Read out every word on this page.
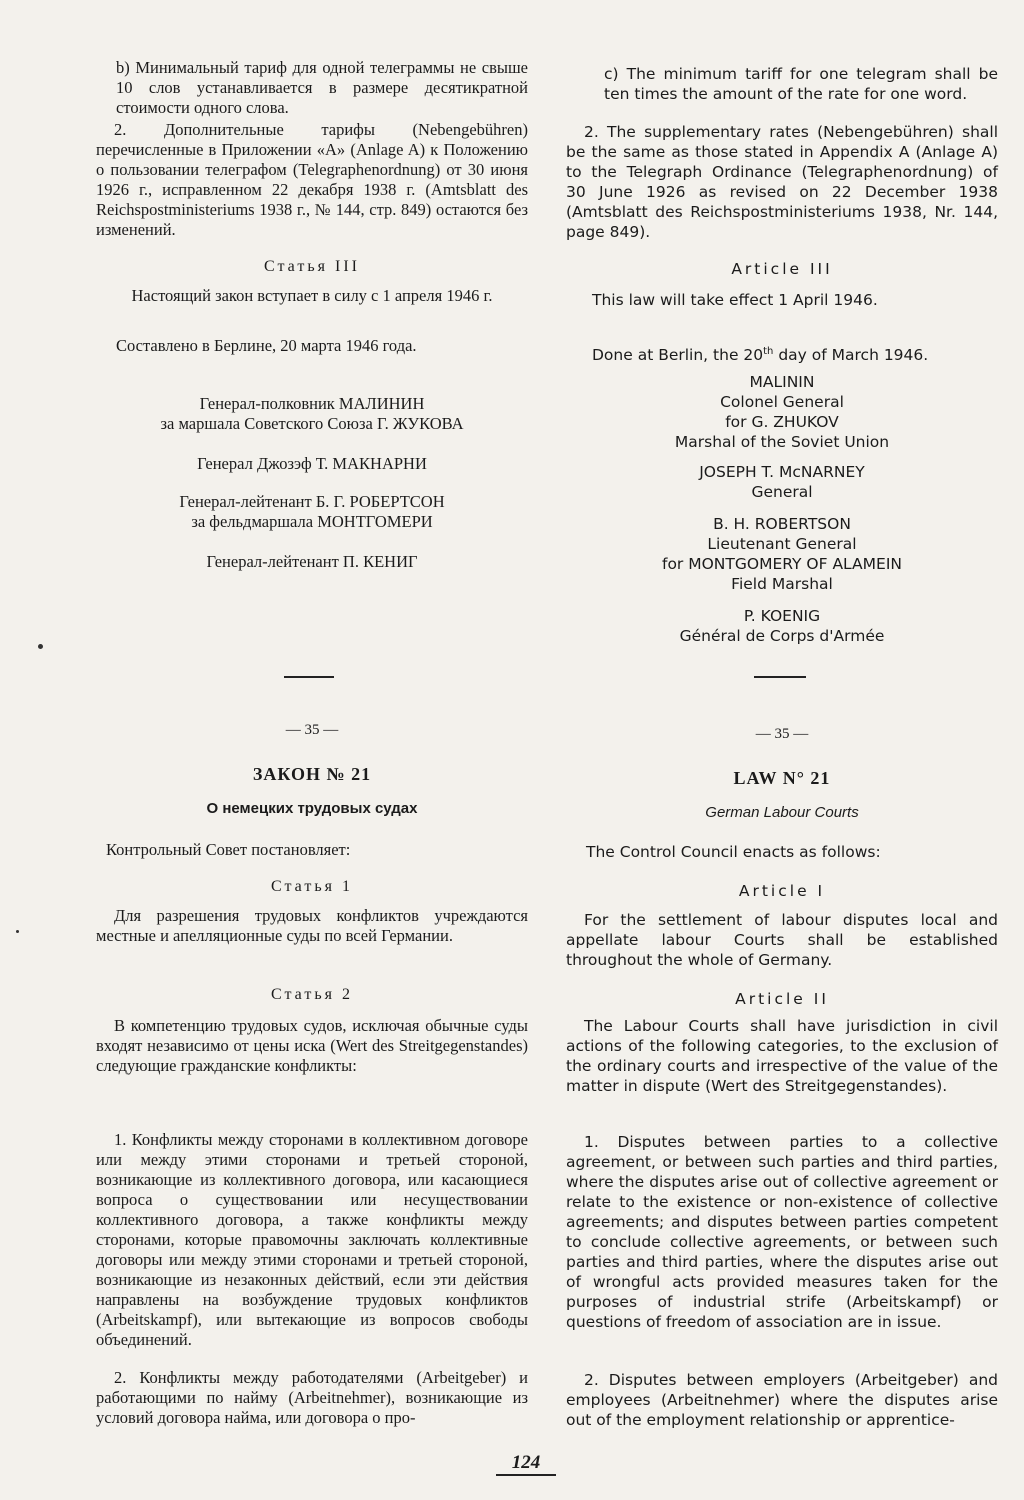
b) Минимальный тариф для одной телеграммы не свыше 10 слов устанавливается в размере десятикратной стоимости одного слова.
2. Дополнительные тарифы (Nebengebühren) перечисленные в Приложении «А» (Anlage A) к Положению о пользовании телеграфом (Telegraphenordnung) от 30 июня 1926 г., исправленном 22 декабря 1938 г. (Amtsblatt des Reichspostministeriums 1938 г., № 144, стр. 849) остаются без изменений.
Статья III
Настоящий закон вступает в силу с 1 апреля 1946 г.
Составлено в Берлине, 20 марта 1946 года.
Генерал-полковник МАЛИНИН
за маршала Советского Союза Г. ЖУКОВА
Генерал Джозэф Т. МАКНАРНИ
Генерал-лейтенант Б. Г. РОБЕРТСОН
за фельдмаршала МОНТГОМЕРИ
Генерал-лейтенант П. КЕНИГ
— 35 —
ЗАКОН № 21
О немецких трудовых судах
Контрольный Совет постановляет:
Статья 1
Для разрешения трудовых конфликтов учреждаются местные и апелляционные суды по всей Германии.
Статья 2
В компетенцию трудовых судов, исключая обычные суды входят независимо от цены иска (Wert des Streitgegenstandes) следующие гражданские конфликты:
1. Конфликты между сторонами в коллективном договоре или между этими сторонами и третьей стороной, возникающие из коллективного договора, или касающиеся вопроса о существовании или несуществовании коллективного договора, а также конфликты между сторонами, которые правомочны заключать коллективные договоры или между этими сторонами и третьей стороной, возникающие из незаконных действий, если эти действия направлены на возбуждение трудовых конфликтов (Arbeitskampf), или вытекающие из вопросов свободы объединений.
2. Конфликты между работодателями (Arbeitgeber) и работающими по найму (Arbeitnehmer), возникающие из условий договора найма, или договора о про-
c) The minimum tariff for one telegram shall be ten times the amount of the rate for one word.
2. The supplementary rates (Nebengebühren) shall be the same as those stated in Appendix A (Anlage A) to the Telegraph Ordinance (Telegraphenordnung) of 30 June 1926 as revised on 22 December 1938 (Amtsblatt des Reichspostministeriums 1938, Nr. 144, page 849).
Article III
This law will take effect 1 April 1946.
Done at Berlin, the 20th day of March 1946.
MALININ
Colonel General
for G. ZHUKOV
Marshal of the Soviet Union
JOSEPH T. McNARNEY
General
B. H. ROBERTSON
Lieutenant General
for MONTGOMERY OF ALAMEIN
Field Marshal
P. KOENIG
Général de Corps d'Armée
— 35 —
LAW N° 21
German Labour Courts
The Control Council enacts as follows:
Article I
For the settlement of labour disputes local and appellate labour Courts shall be established throughout the whole of Germany.
Article II
The Labour Courts shall have jurisdiction in civil actions of the following categories, to the exclusion of the ordinary courts and irrespective of the value of the matter in dispute (Wert des Streitgegenstandes).
1. Disputes between parties to a collective agreement, or between such parties and third parties, where the disputes arise out of collective agreement or relate to the existence or non-existence of collective agreements; and disputes between parties competent to conclude collective agreements, or between such parties and third parties, where the disputes arise out of wrongful acts provided measures taken for the purposes of industrial strife (Arbeitskampf) or questions of freedom of association are in issue.
2. Disputes between employers (Arbeitgeber) and employees (Arbeitnehmer) where the disputes arise out of the employment relationship or apprentice-
124
